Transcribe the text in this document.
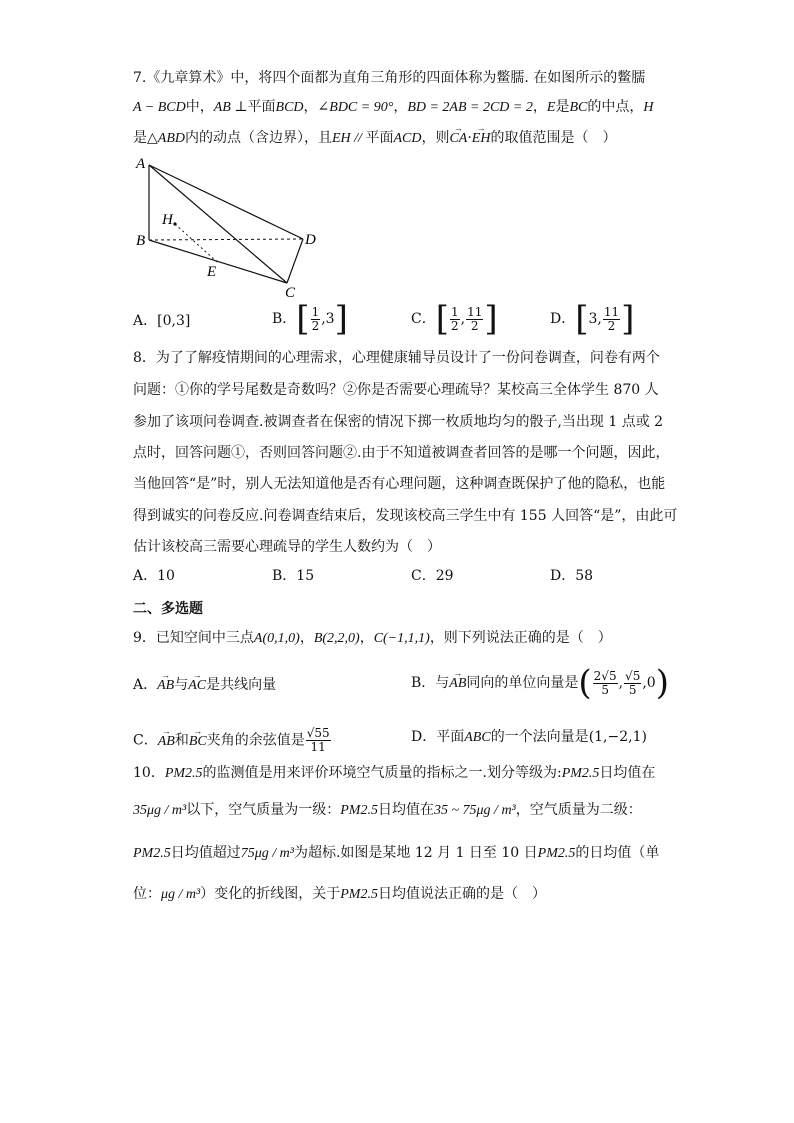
7.《九章算术》中，将四个面都为直角三角形的四面体称为鳖臑. 在如图所示的鳖臑
A − BCD中，AB ⊥平面BCD，∠BDC = 90°，BD = 2AB = 2CD = 2，E是BC的中点，H
是△ABD内的动点（含边界），且EH // 平面ACD，则→ CA·→ EH的取值范围是（　）
A
B
C
D
E
H
A．[0,3]	B．[ $\frac{1}{2} ,3$]	C．[ $\frac{1}{2}$ , $\frac{11}{2}$ ]	D．[3, $\frac{11}{2}$ ]
8．为了了解疫情期间的心理需求，心理健康辅导员设计了一份问卷调查，问卷有两个
问题：①你的学号尾数是奇数吗？②你是否需要心理疏导？某校高三全体学生 870 人
参加了该项问卷调查.被调查者在保密的情况下掷一枚质地均匀的骰子,当出现 1 点或 2
点时，回答问题①，否则回答问题②.由于不知道被调查者回答的是哪一个问题，因此，
当他回答“是”时，别人无法知道他是否有心理问题，这种调查既保护了他的隐私，也能
得到诚实的问卷反应.问卷调查结束后，发现该校高三学生中有 155 人回答“是”，由此可
估计该校高三需要心理疏导的学生人数约为（　）
A．10	B．15	C．29	D．58
二、多选题
9．已知空间中三点A(0,1,0)，B(2,2,0)，C(−1,1,1)，则下列说法正确的是（　）
A．→ AB与→ AC是共线向量	B．与→ AB同向的单位向量是( $\frac{2√5}{5}$ , $\frac{√5}{5} ,0$)
C．→ AB和→ BC夹角的余弦值是 $\frac{√55}{11}$	D．平面ABC的一个法向量是(1,−2,1)
10．PM2.5的监测值是用来评价环境空气质量的指标之一.划分等级为:PM2.5日均值在
35μg / m³以下，空气质量为一级：PM2.5日均值在35 ~ 75μg / m³，空气质量为二级：
PM2.5日均值超过75μg / m³为超标.如图是某地 12 月 1 日至 10 日PM2.5的日均值（单
位：μg / m³）变化的折线图，关于PM2.5日均值说法正确的是（　）
